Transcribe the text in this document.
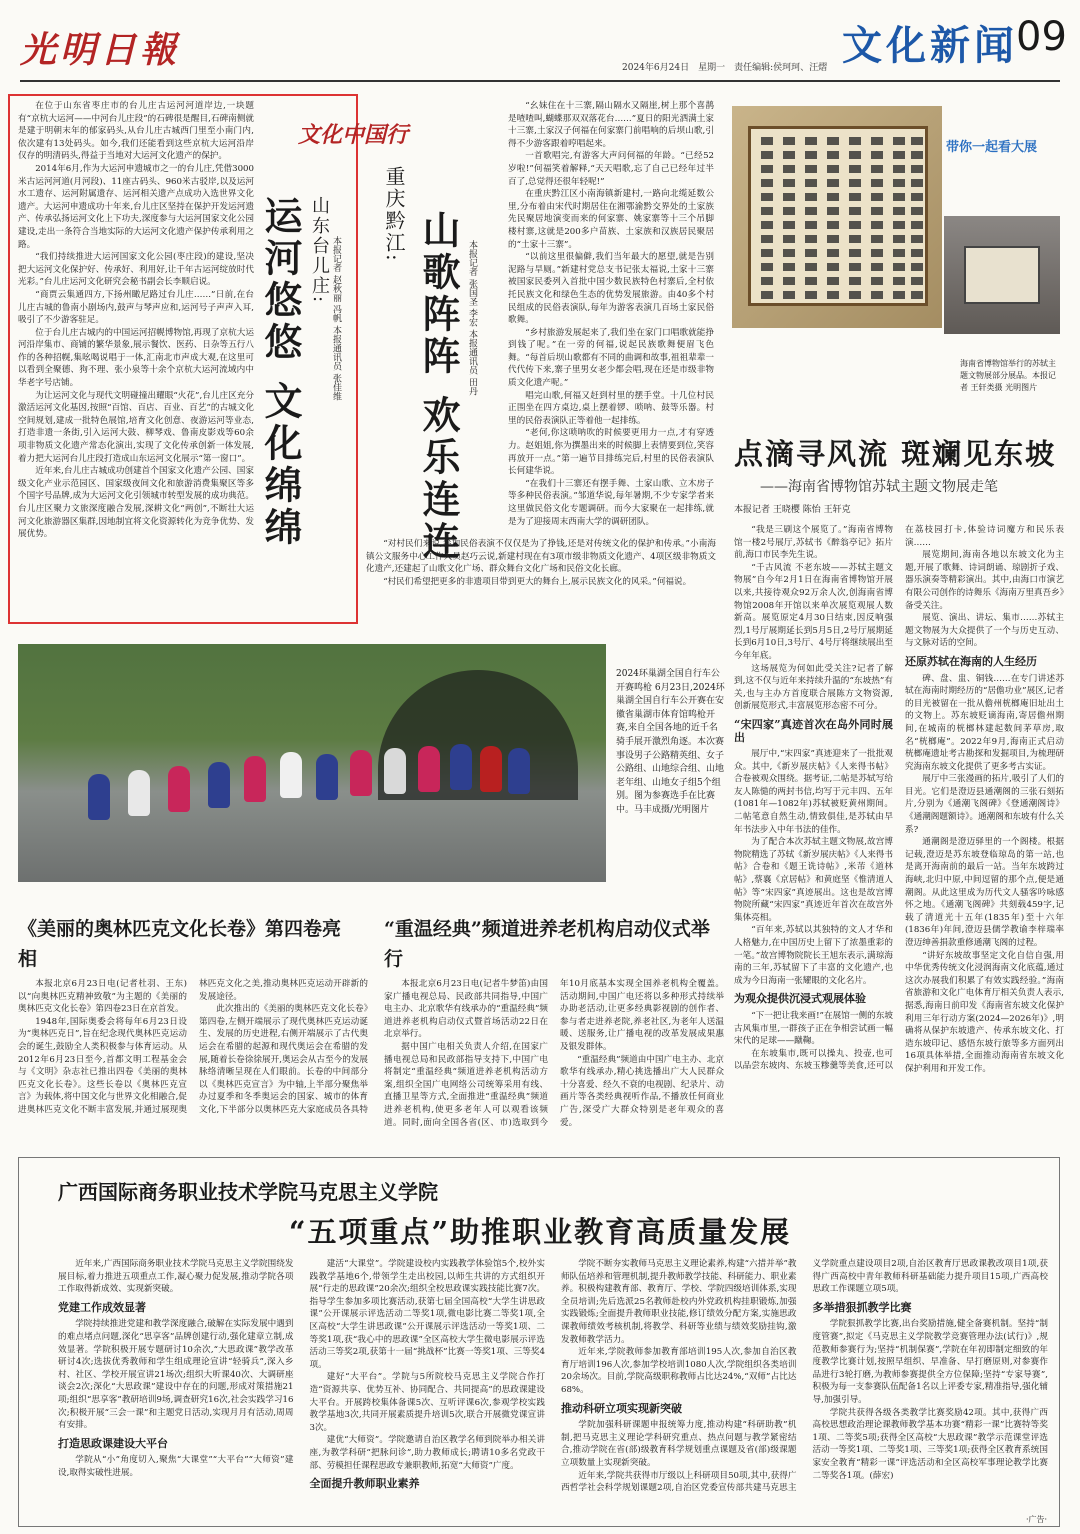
光明日報	文化新闻
09
2024年6月24日　星期一　责任编辑:侯珂珂、汪熠

在位于山东省枣庄市的台儿庄古运河河道岸边,一块题有“京杭大运河——中河台儿庄段”的石碑很是醒目,石碑南侧就是建于明朝末年的郁家码头,从台儿庄古城西门里至小南门内,依次建有13处码头。如今,我们还能看到这些京杭大运河沿岸仅存的明清码头,得益于当地对大运河文化遗产的保护。

2014年6月,作为大运河申遗城市之一的台儿庄,凭借3000米古运河河道(月河段)、11座古码头、960米古驳岸,以及运河水工遗存、运河附属遗存、运河相关遗产点成功入选世界文化遗产。大运河申遗成功十年来,台儿庄区坚持在保护开发运河遗产、传承弘扬运河文化上下功夫,深度参与大运河国家文化公园建设,走出一条符合当地实际的大运河文化遗产保护传承利用之路。

“我们持续推进大运河国家文化公园(枣庄段)的建设,坚决把大运河文化保护好、传承好、利用好,让千年古运河绽放时代光彩。”台儿庄运河文化研究会秘书副会长李顺启说。

“商贾云集通四方,下扬州瞰尼路过台儿庄……”日前,在台儿庄古城的鲁南小剧场内,鼓声与琴声应和,运河号子声声入耳,吸引了不少游客驻足。

位于台儿庄古城内的中国运河招幌博物馆,再现了京杭大运河沿岸集市、商铺的繁华景象,展示餐饮、医药、日杂等五行八作的各种招幌,集吆喝说唱于一体,汇南北市声成大观,在这里可以看到全聚德、狗不理、张小泉等十余个京杭大运河流域内中华老字号店铺。

为让运河文化与现代文明碰撞出耀眼“火花”,台儿庄区充分激活运河文化基因,按照“百馆、百店、百业、百艺”的古城文化空间规划,建成一批特色展馆,培育文化创意、夜游运河等业态,打造非遗一条街,引入运河大鼓、柳琴戏、鲁南皮影戏等60余项非物质文化遗产常态化演出,实现了文化传承创新一体发展,着力把大运河台儿庄段打造成山东运河文化展示“第一窗口”。

近年来,台儿庄古城成功创建首个国家文化遗产公园、国家级文化产业示范园区、国家级夜间文化和旅游消费集聚区等多个国字号品牌,成为大运河文化引领城市转型发展的成功典范。台儿庄区聚力文旅深度融合发展,深耕文化“两创”,不断壮大运河文化旅游器区集群,因地制宜将文化资源转化为竞争优势、发展优势。

文化中国行
运河悠悠 文化绵绵 山东台儿庄: 本报记者 赵秋丽 冯帆 本报通讯员 张佳维
重庆黔江: 山歌阵阵 欢乐连连 本报记者 张国圣 李宏 本报通讯员 田丹

“幺妹住在十三寨,隔山隔水又隔崖,树上那个喜鹊是喳喳叫,蝴蝶那双双落花台……”夏日的阳光洒满土家十三寨,土家汉子何福在何家寨门前唱响的后坝山歌,引得不少游客跟着哼唱起来。

一首歌唱完,有游客大声问何福的年龄。“已经52岁啦!”何福笑着解释,“天天唱歌,忘了自己已经年过半百了,总觉得还很年轻呢!”

在重庆黔江区小南海镇新建村,一路向北缆延数公里,分布着由宋代时期居住在湘鄂渝黔交界处的土家族先民聚居地演变而来的何家寨、姚家寨等十三个吊脚楼村寨,这就是200多户苗族、土家族和汉族居民聚居的“土家十三寨”。

“以前这里很偏僻,我们当年最大的愿望,就是告别泥路与旱厕。”新建村党总支书记张太福说,土家十三寨被国家民委列入首批中国少数民族特色村寨后,全村依托民族文化和绿色生态的优势发展旅游。由40多个村民组成的民俗表演队,每年为游客表演几百场土家民俗歌舞。

“乡村旅游发展起来了,我们坐在家门口唱歌就能挣到钱了呢。”在一旁的何福,说起民族歌舞便眉飞色舞。“每首后坝山歌都有不同的曲调和故事,祖祖辈辈一代代传下来,寨子里男女老少都会唱,现在还是市级非物质文化遗产呢。”

唱完山歌,何福又赶到村里的摆手堂。十几位村民正围坐在四方桌边,桌上摆着锣、唢呐、鼓等乐器。村里的民俗表演队正等着他一起排练。

“老何,你这唢呐吹的时候要更用力一点,才有穿透力。赵姐姐,你为撰墨出来的时候脚上表情要到位,笑容再放开一点。”第一遍节目排练完后,村里的民俗表演队长何建华说。

“在我们十三寨还有摆手舞、土家山歌、立木房子等多种民俗表演。”邹道华说,每年暑期,不少专家学者来这里做民俗文化专题调研。而今大家聚在一起排练,就是为了迎接周末西南大学的调研团队。

“对村民们来说,参加民俗表演不仅仅是为了挣钱,还是对传统文化的保护和传承。”小南海镇公文服务中心工作人员赵巧云说,新建村现在有3项市级非物质文化遗产、4项区级非物质文化遗产,还建起了山歌文化广场、群众舞台文化广场和民俗文化长廊。

“村民们希望把更多的非遗项目带到更大的舞台上,展示民族文化的风采。”何福说。

带你一起看大展
海南省博物馆举行的苏轼主题文物展部分展品。本报记者 王轩类摄 光明图片
点滴寻风流 斑斓见东坡
——海南省博物馆苏轼主题文物展走笔
本报记者 王晓樱 陈怡 王轩克

“我是三刷这个展览了。”海南省博物馆一楼2号展厅,苏轼书《醉翁亭记》拓片前,海口市民李先生说。

“千古风流 不老东坡——苏轼主题文物展”自今年2月1日在海南省博物馆开展以来,共接待观众92万余人次,创海南省博物馆2008年开馆以来单次展览观展人数新高。展览原定4月30日结束,因反响强烈,1号厅展期延长到5月5日,2号厅展期延长到6月10日,3号厅、4号厅将继续展出至今年年底。

这场展览为何如此受关注?记者了解到,这不仅与近年来持续升温的“东坡热”有关,也与主办方首度联合展陈方文物资源,创新展览形式,丰富展览形态密不可分。

“宋四家”真迹首次在岛外同时展出

展厅中,“宋四家”真迹迎来了一批批观众。其中,《新岁展庆帖》《人来得书帖》合卷被观众围绕。据考证,二帖是苏轼写给友人陈慥的两封书信,均写于元丰四、五年(1081年—1082年)苏轼被贬黄州期间。二帖笔意自然生动,情致俱佳,是苏轼由早年书法步入中年书法的佳作。

为了配合本次苏轼主题文物展,故宫博物院精选了苏轼《新岁展庆帖》《人来得书帖》合卷和《题王诜诗帖》,米芾《道林帖》,蔡襄《京居帖》和黄庭坚《惟清道人帖》等“宋四家”真迹展出。这也是故宫博物院所藏“宋四家”真迹近年首次在故宫外集体亮相。

“百年来,苏轼以其独特的文人才华和人格魅力,在中国历史上留下了浓墨重彩的一笔。”故宫博物院院长王旭东表示,满琼海南的三年,苏轼留下了丰富的文化遗产,也成为今日海南一张耀眼的文化名片。

为观众提供沉浸式观展体验

“下一把让我来画!”在展馆一侧的东坡古风集市里,一群孩子正在争相尝试画一幅宋代的足球——蹴鞠。

在东坡集市,既可以操丸、投壶,也可以品尝东坡肉、东坡玉糁羹等美食,还可以在荔枝园打卡,体验诗词魔方和民乐表演……

展览期间,海南各地以东坡文化为主题,开展了歌舞、诗词朗诵、琼剧折子戏、器乐演奏等精彩演出。其中,由海口市演艺有限公司创作的诗舞乐《海南万里真吾乡》备受关注。

展览、演出、讲坛、集市……苏轼主题文物展为大众提供了一个与历史互动、与文脉对话的空间。

还原苏轼在海南的人生经历

碑、盘、盅、铜钱……在专门讲述苏轼在海南时期经历的“居儋功业”展区,记者的目光被留在一批从儋州桄榔庵旧址出土的文物上。苏东坡贬谪海南,寄居儋州期间,在城南的桄榔林建起数间茅草房,取名“桄榔庵”。2022年9月,海南正式启动桄榔庵遗址考古勘探和发掘项目,为梳理研究海南东坡文化提供了更多考古实证。

展厅中三张漫画的拓片,吸引了人们的目光。它们是澄迈县通潮阁的三张石刻拓片,分别为《通潮飞阁碑》《登通潮阁诗》《通潮阁题额诗》。通潮阁和东坡有什么关系?

通潮阁是澄迈驿里的一个阁楼。根据记载,澄迈是苏东坡登临琼岛的第一站,也是离开海南前的最后一站。当年东坡跨过海峡,北归中原,中间逗留的那个点,便是通潮阁。从此这里成为历代文人骚客吟咏感怀之地。《通潮飞阁碑》共刻载459字,记载了清道光十五年(1835年)至十六年(1836年)年间,澄迈县儒学教谕李梓瑞率澄迈绅善捐款重修通潮飞阁的过程。

“讲好东坡故事坚定文化自信自强,用中华优秀传统文化浸润海南文化底蕴,通过这次办展我们积累了有效实践经验。”海南省旅游和文化广电体育厅相关负责人表示,据悉,海南日前印发《海南省东坡文化保护利用三年行动方案(2024—2026年)》,明确将从保护东坡遗产、传承东坡文化、打造东坡印记、感悟东坡行旅等多方面列出16项具体举措,全面推动海南省东坡文化保护利用和开发工作。

2024环巢湖全国自行车公开赛鸣枪 6月23日,2024环巢湖全国自行车公开赛在安徽省巢湖市体育馆鸣枪开赛,来自全国各地的近千名骑手展开激烈角逐。本次赛事设男子公路精英组、女子公路组、山地综合组、山地老年组、山地女子组5个组别。图为参赛选手在比赛中。马丰成摄/光明图片
《美丽的奥林匹克文化长卷》第四卷亮相

本报北京6月23日电(记者杜羽、王东)以“向奥林匹克精神致敬”为主题的《美丽的奥林匹克文化长卷》第四卷23日在京首发。

1948年,国际奥委会将每年6月23日设为“奥林匹克日”,旨在纪念现代奥林匹克运动会的诞生,鼓励全人类积极参与体育运动。从2012年6月23日至今,首都文明工程基金会与《文明》杂志社已推出四卷《美丽的奥林匹克文化长卷》。这些长卷以《奥林匹克宣言》为载体,将中国文化与世界文化相融合,促进奥林匹克文化不断丰富发展,并通过展现奥林匹克文化之美,推动奥林匹克运动开辟新的发展途径。

此次推出的《美丽的奥林匹克文化长卷》第四卷,左侧开端展示了现代奥林匹克运动诞生、发展的历史进程,右侧开端展示了古代奥运会在希腊的起源和现代奥运会在希腊的发展,随着长卷徐徐展开,奥运会从古至今的发展脉络清晰呈现在人们眼前。长卷的中间部分以《奥林匹克宣言》为中轴,上半部分聚焦举办过夏季和冬季奥运会的国家、城市的体育文化,下半部分以奥林匹克大家庭成员各具特

“重温经典”频道进养老机构启动仪式举行

本报北京6月23日电(记者牛梦笛)由国家广播电视总局、民政部共同指导,中国广电主办、北京歌华有线承办的“重温经典”频道进养老机构启动仪式暨首场活动22日在北京举行。

据中国广电相关负责人介绍,在国家广播电视总局和民政部指导支持下,中国广电将制定“重温经典”频道进养老机构活动方案,组织全国广电网络公司统筹采用有线、直播卫星等方式,全面推进“重温经典”频道进养老机构,使更多老年人可以观看该频道。同时,面向全国各省(区、市)选取到今年10月底基本实现全国养老机构全覆盖。活动期间,中国广电还将以多种形式持续举办助老活动,让更多经典影视剧的创作者、参与者走进养老院,养老社区,为老年人送温暖、送服务,让广播电视的改革发展成果惠及银发群体。

“重温经典”频道由中国广电主办、北京歌华有线承办,精心挑选播出广大人民群众十分喜爱、经久不衰的电视剧、纪录片、动画片等各类经典视听作品,不播放任何商业广告,深受广大群众特别是老年观众的喜爱。

广西国际商务职业技术学院马克思主义学院
“五项重点”助推职业教育高质量发展

近年来,广西国际商务职业技术学院马克思主义学院围绕发展目标,着力推进五项重点工作,凝心聚力促发展,推动学院各项工作取得新成效、实现新突破。

党建工作成效显著

学院持续推进党建和教学深度融合,破解在实际发展中遇到的难点堵点问题,深化“思享客”品牌创建行动,强化建章立制,成效显著。学院积极开展专题研讨10余次,“大思政课”教学改革研讨4次;选拔优秀教师和学生组成理论宣讲“轻骑兵”,深入乡村、社区、学校开展宣讲21场次;组织大听课40次、大调研座谈会2次;深化“大思政课”建设中存在的问题,形成对策措施21项;组织“思享客”教研培训9场,调查研究16次,社会实践学习16次;积极开展“三会一课”和主题党日活动,实现月月有活动,周周有安排。

打造思政课建设大平台

学院从“小”角度切入,聚焦“大课堂”“大平台”“大师资”建设,取得实破性进展。

建活“大课堂”。学院建设校内实践教学体验馆5个,校外实践教学基地6个,带领学生走出校园,以师生共讲的方式组织开展“行走的思政课”20余次;组织全校思政课实践技能比赛7次。指导学生参加多项比赛活动,获第七届全国高校“大学生讲思政课”公开课展示评选活动二等奖1项,微电影比赛二等奖1项,全区高校“大学生讲思政课”公开课展示评选活动一等奖1项、二等奖1项,获“我心中的思政课”全区高校大学生微电影展示评选活动三等奖2项,获第十一届“挑战杯”比赛一等奖1项、三等奖4项。

建好“大平台”。学院与5所院校马克思主义学院合作打造“资源共享、优势互补、协同配合、共同提高”的思政课建设大平台。开展跨校集体备课5次、互听评课6次,参观学校实践教学基地3次,共同开展素质提升培训5次,联合开展微党课宣讲3次。

建优“大师资”。学院邀请自治区教学名师到院举办相关讲座,为教学科研“把脉问诊”,助力教师成长;聘请10多名党政干部、劳模担任课程思政专兼职教师,拓宽“大师资”广度。

全面提升教师职业素养

学院不断夯实教师马克思主义理论素养,构建“六措并举”教师队伍培养和管理机制,提升教师教学技能、科研能力、职业素养。积极构建教育部、教育厅、学校、学院四级培训体系,实现全员培训;先后选派25名教师赴校内外党政机构挂职锻炼,加强实践锻炼;全面提升教师职业技能,修订绩效分配方案,实施思政课教师绩效考核机制,将教学、科研等业绩与绩效奖励挂钩,激发教师教学活力。

近年来,学院教师参加教育部培训195人次,参加自治区教育厅培训196人次,参加学校培训1080人次,学院组织各类培训20余场次。目前,学院高级职称教师占比达24%,“双师”占比达68%。

推动科研立项实现新突破

学院加强科研课题申报统筹力度,推动构建“科研助教”机制,把马克思主义理论学科研究重点、热点问题与教学紧密结合,推动学院在省(部)级教育科学规划重点课题及省(部)级课题立项数量上实现新突破。

近年来,学院共获得市厅级以上科研项目50项,其中,获得广西哲学社会科学规划课题2项,自治区党委宣传部共建马克思主义学院重点建设项目2项,自治区教育厅思政课教改项目1项,获得广西高校中青年教师科研基础能力提升项目15项,广西高校思政工作课题立项5项。

多举措狠抓教学比赛

学院狠抓教学比赛,出台奖励措施,健全备赛机制。坚持“制度管赛”,拟定《马克思主义学院教学竞赛管理办法(试行)》,规范教师参赛行为;坚持“机制保赛”,学院在年初即制定细致的年度教学比赛计划,按照早组织、早准备、早打磨原则,对参赛作品进行3轮打磨,为教师参赛提供全方位保障;坚持“专家导赛”,积极为每一支参赛队伍配备1名以上评委专家,精准指导,强化辅导,加强引导。

学院共获得各级各类教学比赛奖励42项。其中,获得广西高校思想政治理论课教师教学基本功赛“精彩一课”比赛特等奖1项、二等奖5项;获得全区高校“大思政课”教学示范课堂评选活动一等奖1项、二等奖1项、三等奖1项;获得全区教育系统国家安全教育“精彩一课”评选活动和全区高校军事理论教学比赛二等奖各1项。(薛宏)

·广告·
